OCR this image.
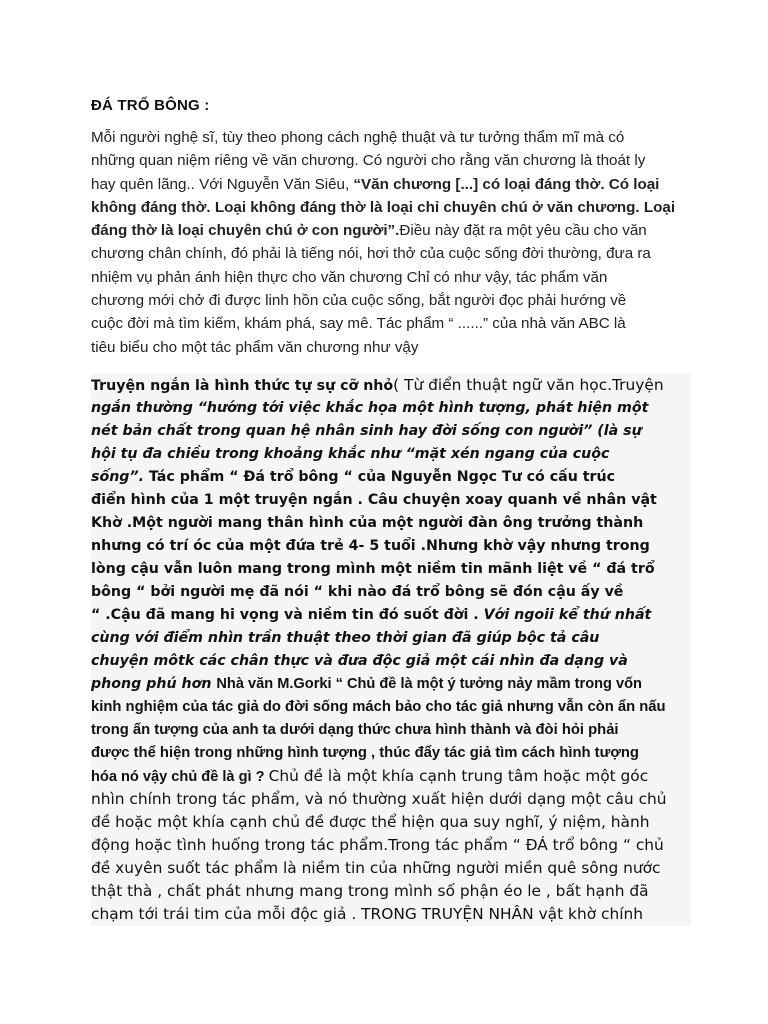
ĐÁ TRỔ BÔNG :
Mỗi người nghệ sĩ, tùy theo phong cách nghệ thuật và tư tưởng thẩm mĩ mà có
những quan niệm riêng về văn chương. Có người cho rằng văn chương là thoát ly
hay quên lãng.. Với Nguyễn Văn Siêu, “Văn chương [...] có loại đáng thờ. Có loại
không đáng thờ. Loại không đáng thờ là loại chỉ chuyên chú ở văn chương. Loại
đáng thờ là loại chuyên chú ở con người”.Điều này đặt ra một yêu cầu cho văn
chương chân chính, đó phải là tiếng nói, hơi thở của cuộc sống đời thường, đưa ra
nhiệm vụ phản ánh hiện thực cho văn chương Chỉ có như vậy, tác phẩm văn
chương mới chở đi được linh hồn của cuộc sống, bắt người đọc phải hướng về
cuộc đời mà tìm kiếm, khám phá, say mê. Tác phẩm “ ......” của nhà văn ABC là
tiêu biểu cho một tác phẩm văn chương như vậy
Truyện ngắn là hình thức tự sự cỡ nhỏ( Từ điển thuật ngữ văn học.Truyện
ngắn thường “hướng tới việc khắc họa một hình tượng, phát hiện một
nét bản chất trong quan hệ nhân sinh hay đời sống con người” (là sự
hội tụ đa chiều trong khoảng khắc như “mặt xén ngang của cuộc
sống”. Tác phẩm “ Đá trổ bông “ của Nguyễn Ngọc Tư có cấu trúc
điển hình của 1 một truyện ngắn . Câu chuyện xoay quanh về nhân vật
Khờ .Một người mang thân hình của một người đàn ông trưởng thành
nhưng có trí óc của một đứa trẻ 4- 5 tuổi .Nhưng khờ vậy nhưng trong
lòng cậu vẫn luôn mang trong mình một niềm tin mãnh liệt về “ đá trổ
bông “ bởi người mẹ đã nói “ khi nào đá trổ bông sẽ đón cậu ấy về
“ .Cậu đã mang hi vọng và niềm tin đó suốt đời . Với ngoii kể thứ nhất
cùng với điểm nhìn trần thuật theo thời gian đã giúp bộc tả câu
chuyện môtk các chân thực và đưa độc giả một cái nhìn đa dạng và
phong phú hơn Nhà văn M.Gorki “ Chủ đề là một ý tưởng nảy mầm trong vốn
kinh nghiệm của tác giả do đời sống mách bảo cho tác giả nhưng vẫn còn ẩn nấu
trong ấn tượng của anh ta dưới dạng thức chưa hình thành và đòi hỏi phải
được thể hiện trong những hình tượng , thúc đẩy tác giả tìm cách hình tượng
hóa nó vậy chủ đề là gì ? Chủ đề là một khía cạnh trung tâm hoặc một góc
nhìn chính trong tác phẩm, và nó thường xuất hiện dưới dạng một câu chủ
đề hoặc một khía cạnh chủ đề được thể hiện qua suy nghĩ, ý niệm, hành
động hoặc tình huống trong tác phẩm.Trong tác phẩm “ ĐÁ trổ bông “ chủ
đề xuyên suốt tác phẩm là niềm tin của những người miền quê sông nước
thật thà , chất phát nhưng mang trong mình số phận éo le , bất hạnh đã
chạm tới trái tim của mỗi độc giả . TRONG TRUYỆN NHÂN vật khờ chính
